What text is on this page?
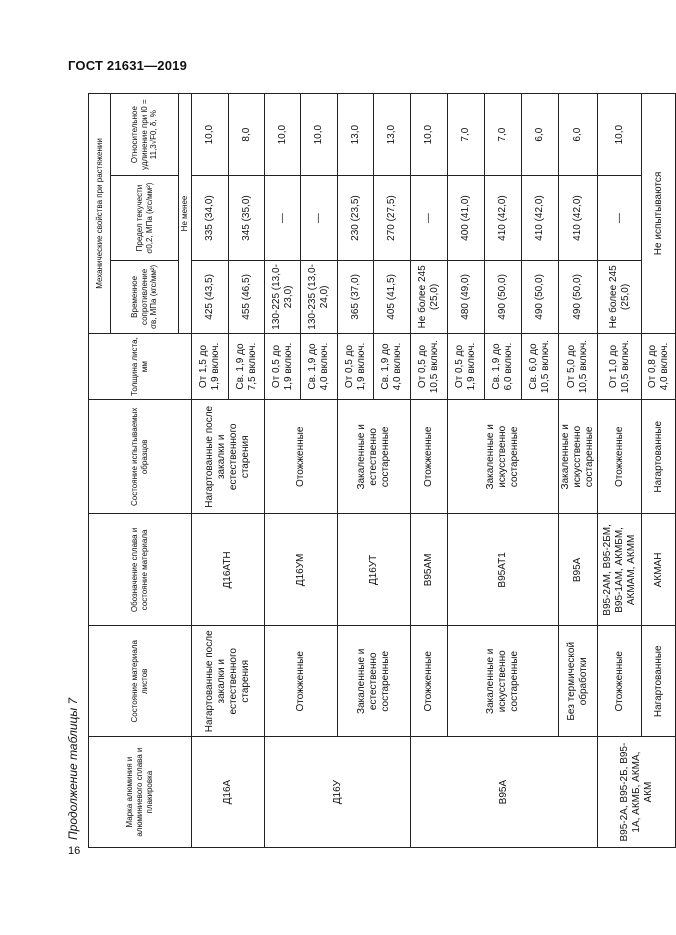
ГОСТ 21631—2019
Продолжение таблицы 7	Марка алюминия и алюминиевого сплава и плакировка	Состояние материала листов	Обозначение сплава и состояние материала	Состояние испытываемых образцов	Толщина листа, мм	Механические свойства при растяжении		
					Временное сопротивление σв, МПа (кгс/мм²)	Предел текучести σ0,2, МПа (кгс/мм²)	Относительное удлинение при l0 = 11,3√F0, δ, %
					Не менее		
Д16А	Нагартованные после закалки и естественного старения	Д16АТН	Нагартованные после закалки и естественного старения	От 1,5 до 1,9 включ.	425 (43,5)	335 (34,0)	10,0
				Св. 1,9 до 7,5 включ.	455 (46,5)	345 (35,0)	8,0
Д16У	Отожженные	Д16УМ	Отожженные	От 0,5 до 1,9 включ.	130-225 (13,0-23,0)	—	10,0
				Св. 1,9 до 4,0 включ.	130-235 (13,0-24,0)	—	10,0
	Закаленные и естественно состаренные	Д16УТ	Закаленные и естественно состаренные	От 0,5 до 1,9 включ.	365 (37,0)	230 (23,5)	13,0
				Св. 1,9 до 4,0 включ.	405 (41,5)	270 (27,5)	13,0
В95А	Отожженные	В95АМ	Отожженные	От 0,5 до 10,5 включ.	Не более 245 (25,0)	—	10,0
	Закаленные и искусственно состаренные	В95АТ1	Закаленные и искусственно состаренные	От 0,5 до 1,9 включ.	480 (49,0)	400 (41,0)	7,0
				Св. 1,9 до 6,0 включ.	490 (50,0)	410 (42,0)	7,0
				Св. 6,0 до 10,5 включ.	490 (50,0)	410 (42,0)	6,0
	Без термической обработки	В95А	Закаленные и искусственно состаренные	От 5,0 до 10,5 включ.	490 (50,0)	410 (42,0)	6,0

В95-2А, В95-2Б, В95-1А, АКМБ, АКМА, АКМ	Отожженные	В95-2АМ, В95-2БМ, В95-1АМ, АКМБМ, АКМАМ, АКММ	Отожженные	От 1,0 до 10,5 включ.	Не более 245 (25,0)	—	10,0
	Нагартованные	АКМАН	Нагартованные	От 0,8 до 4,0 включ.	Не испытываются		
16
